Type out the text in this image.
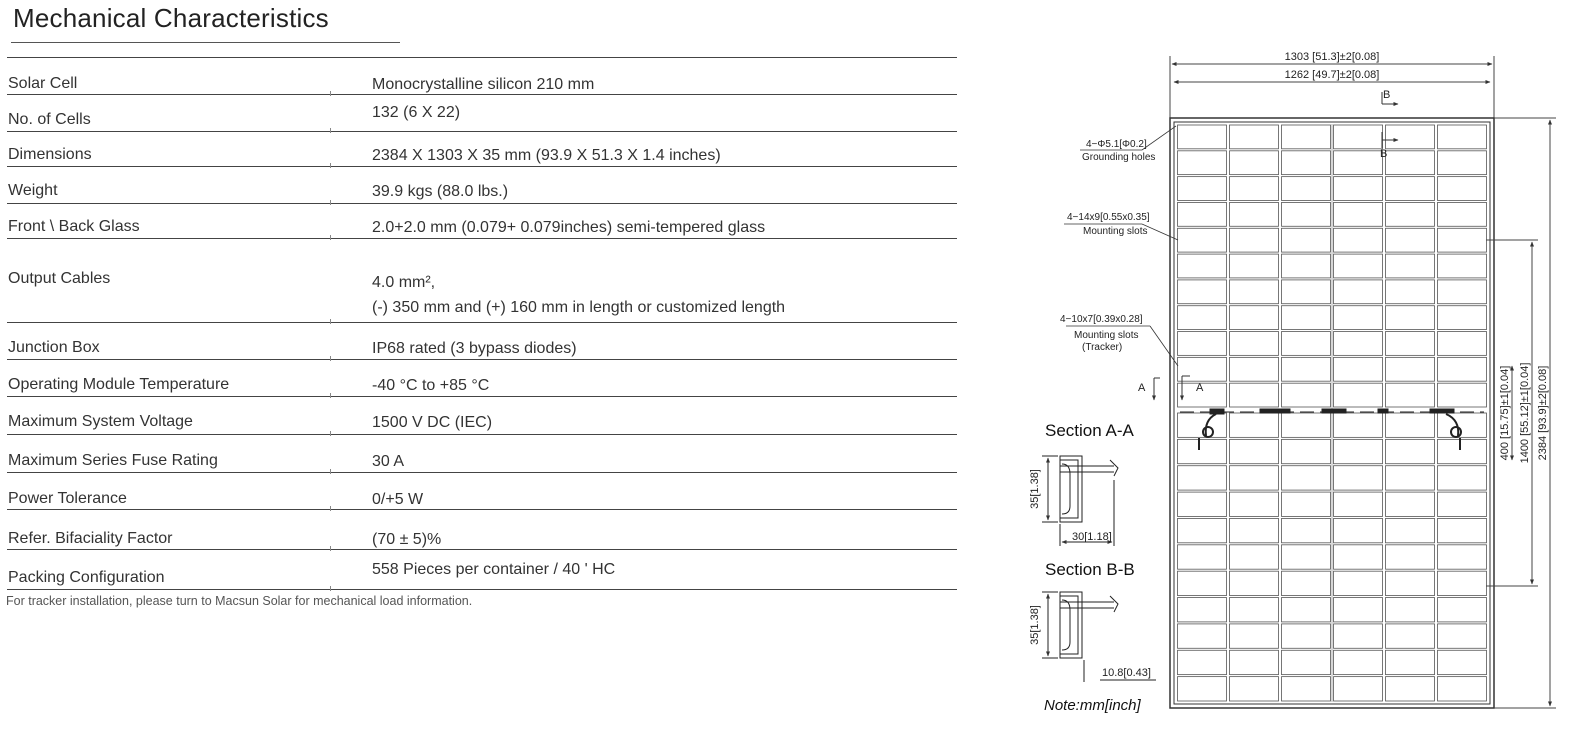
Mechanical Characteristics
Solar Cell	Monocrystalline silicon 210 mm
No. of Cells	132 (6 X 22)
Dimensions	2384 X 1303 X 35 mm (93.9 X 51.3 X 1.4 inches)
Weight	39.9 kgs (88.0 lbs.)
Front \ Back Glass	2.0+2.0 mm (0.079+ 0.079inches) semi-tempered glass
Output Cables	4.0 mm²,
(-) 350 mm and (+) 160 mm in length or customized length
Junction Box	IP68 rated (3 bypass diodes)
Operating Module Temperature	-40 °C to +85 °C
Maximum System Voltage	1500 V DC (IEC)
Maximum Series Fuse Rating	30 A
Power Tolerance	0/+5 W
Refer. Bifaciality Factor	(70 ± 5)%
Packing Configuration	558 Pieces per container / 40 ' HC
For tracker installation, please turn to Macsun Solar for mechanical load information.
1303 [51.3]±2[0.08]
1262 [49.7]±2[0.08]
B
B
A	A
4−Φ5.1[Φ0.2]
Grounding holes
4−14x9[0.55x0.35]
Mounting slots
4−10x7[0.39x0.28]
Mounting slots
(Tracker)
400 [15.75]±1[0.04] 1400 [55.12]±1[0.04] 2384 [93.9]±2[0.08]
Section A-A
35[1.38]
30[1.18]
Section B-B
35[1.38]
10.8[0.43]
Note:mm[inch]
